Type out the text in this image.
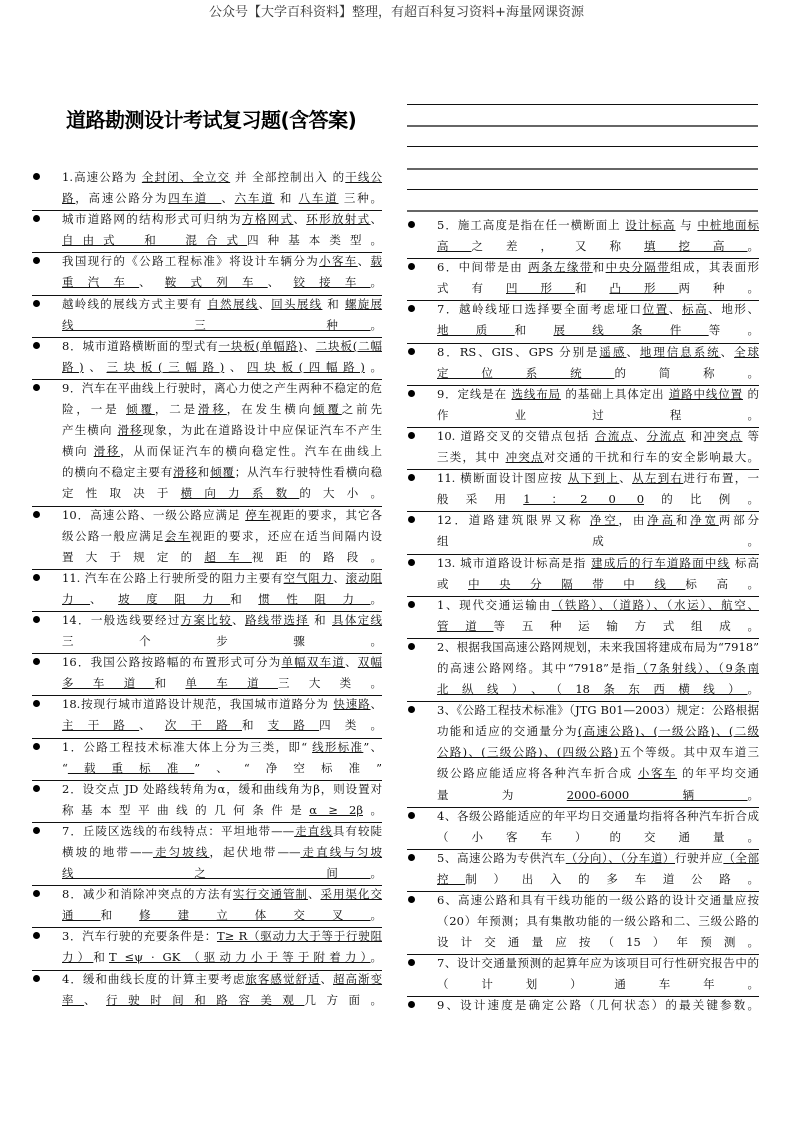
公众号【大学百科资料】整理，有超百科复习资料+海量网课资源
道路勘测设计考试复习题(含答案)
1.高速公路为 全封闭、全立交 并 全部控制出入 的干线公
路，高速公路分为四车道　、六车道 和 八车道 三种。
城市道路网的结构形式可归纳为方格网式、环形放射式、
自由式　和　混合式四种基本类型。
我国现行的《公路工程标准》将设计车辆分为小客车、载
重汽车、鞍式列车、铰接车。
越岭线的展线方式主要有 自然展线、回头展线 和 螺旋展
线　　三　　种。
8．城市道路横断面的型式有一块板(单幅路)、二块板(二幅
路)、三块板(三幅路)、四块板(四幅路)。
9．汽车在平曲线上行驶时，离心力使之产生两种不稳定的危
险，一是 倾覆，二是滑移，在发生横向倾覆之前先
产生横向 滑移现象，为此在道路设计中应保证汽车不产生
横向 滑移，从而保证汽车的横向稳定性。汽车在曲线上
的横向不稳定主要有滑移和倾覆；从汽车行驶特性看横向稳
定性取决于横向力系数的大小。
10．高速公路、一级公路应满足 停车视距的要求，其它各
级公路一般应满足会车视距的要求，还应在适当间隔内设
置大于规定的超车视距的路段。
11. 汽车在公路上行驶所受的阻力主要有空气阻力、滚动阻
力、坡度阻力和惯性阻力。
14．一般选线要经过方案比较、路线带选择 和 具体定线
三个步骤。
16．我国公路按路幅的布置形式可分为单幅双车道、双幅
多车道和单车道三大类。
18.按现行城市道路设计规范，我国城市道路分为 快速路、
主干路、次干路和支路四类。
1．公路工程技术标准大体上分为三类，即“ 线形标准”、
“载重标准”、“净空标准”
2．设交点 JD 处路线转角为α，缓和曲线角为β，则设置对
称基本型平曲线的几何条件是α ≥ 2β。
7．丘陵区选线的布线特点：平坦地带——走直线具有较陡
横坡的地带——走匀坡线，起伏地带——走直线与匀坡
线　　之　　间。
8．减少和消除冲突点的方法有实行交通管制、采用渠化交
通和修建立体交叉。
3．汽车行驶的充要条件是：T≥ R（驱动力大于等于行驶阻
力）和T ≤ψ · GK （驱动力小于等于附着力）。
4．缓和曲线长度的计算主要考虑旅客感觉舒适、超高渐变
率、行驶时间和路容美观几方面。
5．施工高度是指在任一横断面上 设计标高 与 中桩地面标
高之差，又称填挖高。
6．中间带是由 两条左缘带和中央分隔带组成，其表面形
式有凹形和凸形两种。
7．越岭线垭口选择要全面考虑垭口位置、标高、地形、
地质和展线条件等。
8．RS、GIS、GPS 分别是遥感、地理信息系统、全球
定位系统的简称。
9．定线是在 选线布局 的基础上具体定出 道路中线位置 的
作业过程。
10. 道路交叉的交错点包括 合流点、分流点 和冲突点 等
三类，其中 冲突点对交通的干扰和行车的安全影响最大。
11. 横断面设计图应按 从下到上、从左到右进行布置，一
般采用1 ：2 0 0的比例。
12．道路建筑限界又称 净空，由净高和净宽两部分
组成。
13. 城市道路设计标高是指 建成后的行车道路面中线 标高
或中央分隔带中线标高。
1、现代交通运输由（铁路）、（道路）、（水运）、航空、
管道等五种运输方式组成。
2、根据我国高速公路网规划，未来我国将建成布局为“7918”
的高速公路网络。其中“7918”是指（7条射线）、（9条南
北纵线）、（18条东西横线）。
3、《公路工程技术标准》（JTG B01—2003）规定：公路根据
功能和适应的交通量分为(高速公路)、(一级公路)、(二级
公路)、(三级公路)、(四级公路)五个等级。其中双车道三
级公路应能适应将各种汽车折合成 小客车 的年平均交通
量为2000-6000辆。
4、各级公路能适应的年平均日交通量均指将各种汽车折合成
（小客车）的交通量。
5、高速公路为专供汽车（分向）、（分车道）行驶并应（全部
控制）出入的多车道公路。
6、高速公路和具有干线功能的一级公路的设计交通量应按
（20）年预测；具有集散功能的一级公路和二、三级公路的
设计交通量应按（15）年预测。
7、设计交通量预测的起算年应为该项目可行性研究报告中的
（计划）通车年。
9、设计速度是确定公路（几何状态）的最关键参数。
